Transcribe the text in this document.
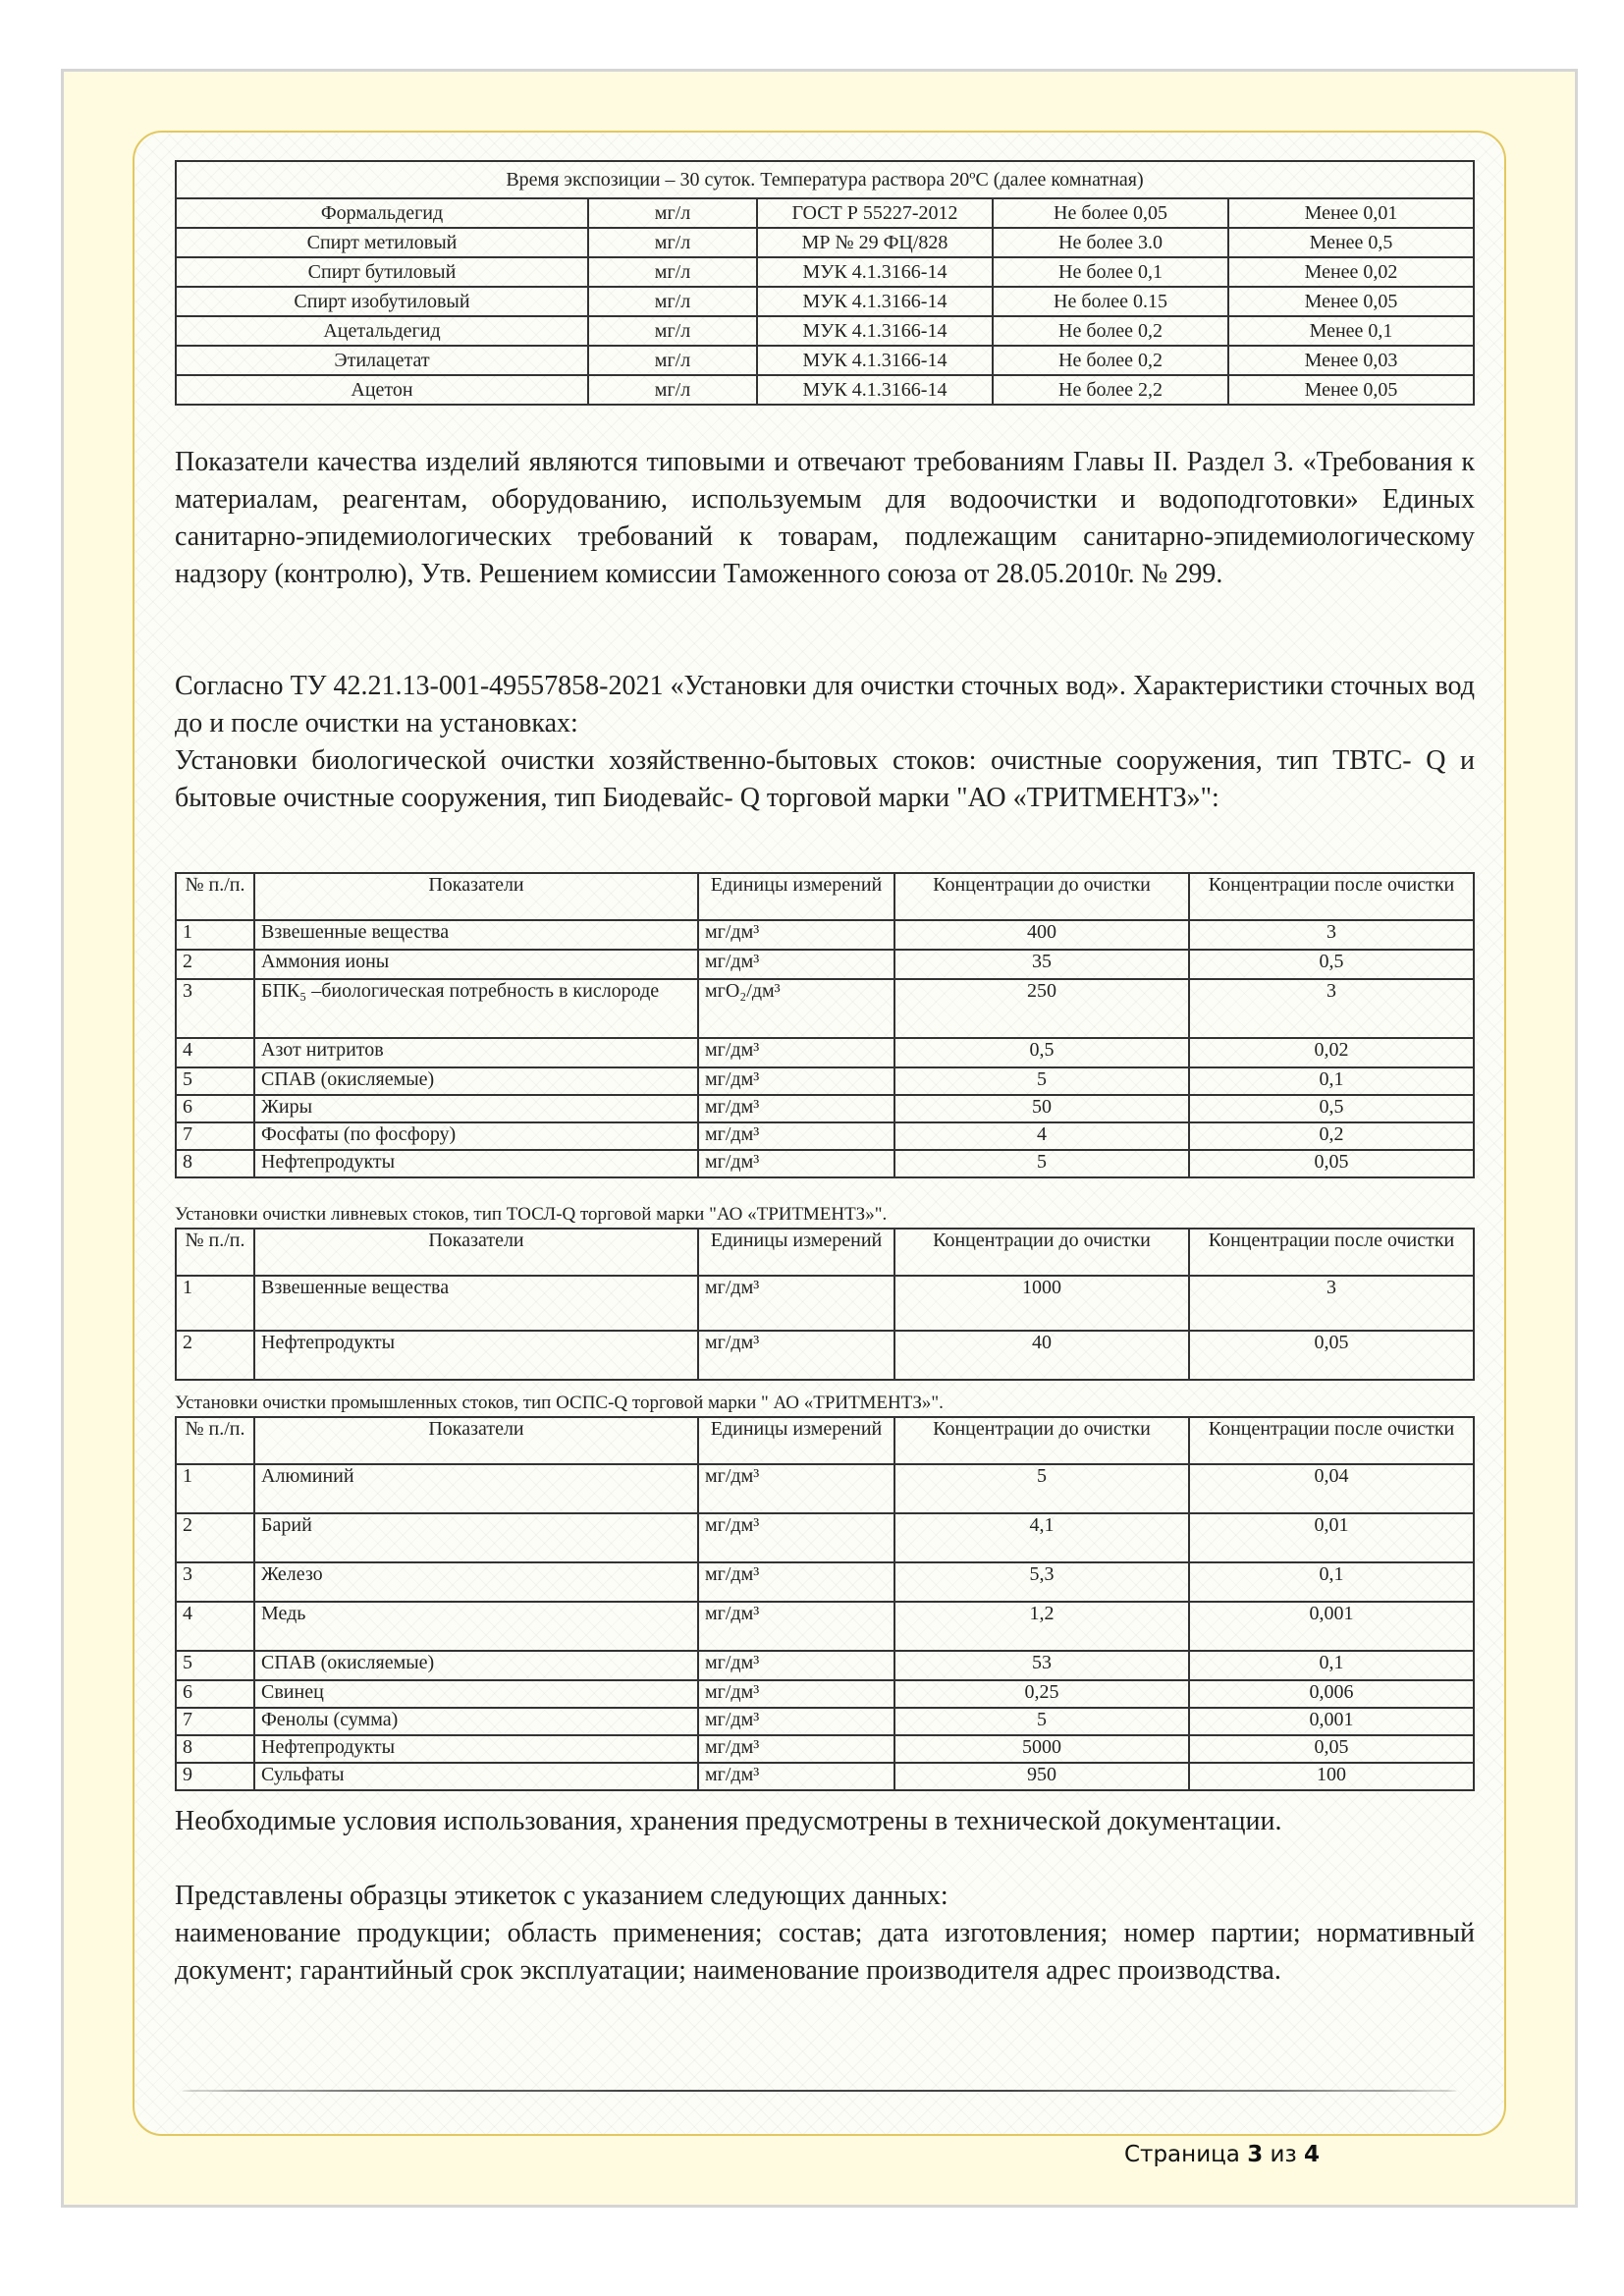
Время экспозиции – 30 суток. Температура раствора 20ºС (далее комнатная)				
Формальдегид	мг/л	ГОСТ Р 55227-2012	Не более 0,05	Менее 0,01
Спирт метиловый	мг/л	МР № 29 ФЦ/828	Не более 3.0	Менее 0,5
Спирт бутиловый	мг/л	МУК 4.1.3166-14	Не более 0,1	Менее 0,02
Спирт изобутиловый	мг/л	МУК 4.1.3166-14	Не более 0.15	Менее 0,05
Ацетальдегид	мг/л	МУК 4.1.3166-14	Не более 0,2	Менее 0,1
Этилацетат	мг/л	МУК 4.1.3166-14	Не более 0,2	Менее 0,03
Ацетон	мг/л	МУК 4.1.3166-14	Не более 2,2	Менее 0,05
Показатели качества изделий являются типовыми и отвечают требованиям Главы II. Раздел 3. «Требования к материалам, реагентам, оборудованию, используемым для водоочистки и водоподготовки» Единых санитарно-эпидемиологических требований к товарам, подлежащим санитарно-эпидемиологическому надзору (контролю), Утв. Решением комиссии Таможенного союза от 28.05.2010г. № 299.
Согласно ТУ 42.21.13-001-49557858-2021 «Установки для очистки сточных вод». Характеристики сточных вод до и после очистки на установках:
Установки биологической очистки хозяйственно-бытовых стоков: очистные сооружения, тип ТВТС- Q и бытовые очистные сооружения, тип Биодевайс- Q торговой марки "АО «ТРИТМЕНТЗ»":
№ п./п.	Показатели	Единицы измерений	Концентрации до очистки	Концентрации после очистки
1	Взвешенные вещества	мг/дм³	400	3
2	Аммония ионы	мг/дм³	35	0,5
3	БПК₅ –биологическая потребность в кислороде	мгО₂/дм³	250	3
4	Азот нитритов	мг/дм³	0,5	0,02
5	СПАВ (окисляемые)	мг/дм³	5	0,1
6	Жиры	мг/дм³	50	0,5
7	Фосфаты (по фосфору)	мг/дм³	4	0,2
8	Нефтепродукты	мг/дм³	5	0,05
Установки очистки ливневых стоков, тип ТОСЛ-Q торговой марки "АО «ТРИТМЕНТЗ»".
№ п./п.	Показатели	Единицы измерений	Концентрации до очистки	Концентрации после очистки
1	Взвешенные вещества	мг/дм³	1000	3
2	Нефтепродукты	мг/дм³	40	0,05
Установки очистки промышленных стоков, тип ОСПС-Q торговой марки " АО «ТРИТМЕНТЗ»".
№ п./п.	Показатели	Единицы измерений	Концентрации до очистки	Концентрации после очистки
1	Алюминий	мг/дм³	5	0,04
2	Барий	мг/дм³	4,1	0,01
3	Железо	мг/дм³	5,3	0,1
4	Медь	мг/дм³	1,2	0,001
5	СПАВ (окисляемые)	мг/дм³	53	0,1
6	Свинец	мг/дм³	0,25	0,006
7	Фенолы (сумма)	мг/дм³	5	0,001
8	Нефтепродукты	мг/дм³	5000	0,05
9	Сульфаты	мг/дм³	950	100
Необходимые условия использования, хранения предусмотрены в технической документации.
Представлены образцы этикеток с указанием следующих данных:
наименование продукции; область применения; состав; дата изготовления; номер партии; нормативный документ; гарантийный срок эксплуатации; наименование производителя адрес производства.
Страница 3 из 4
